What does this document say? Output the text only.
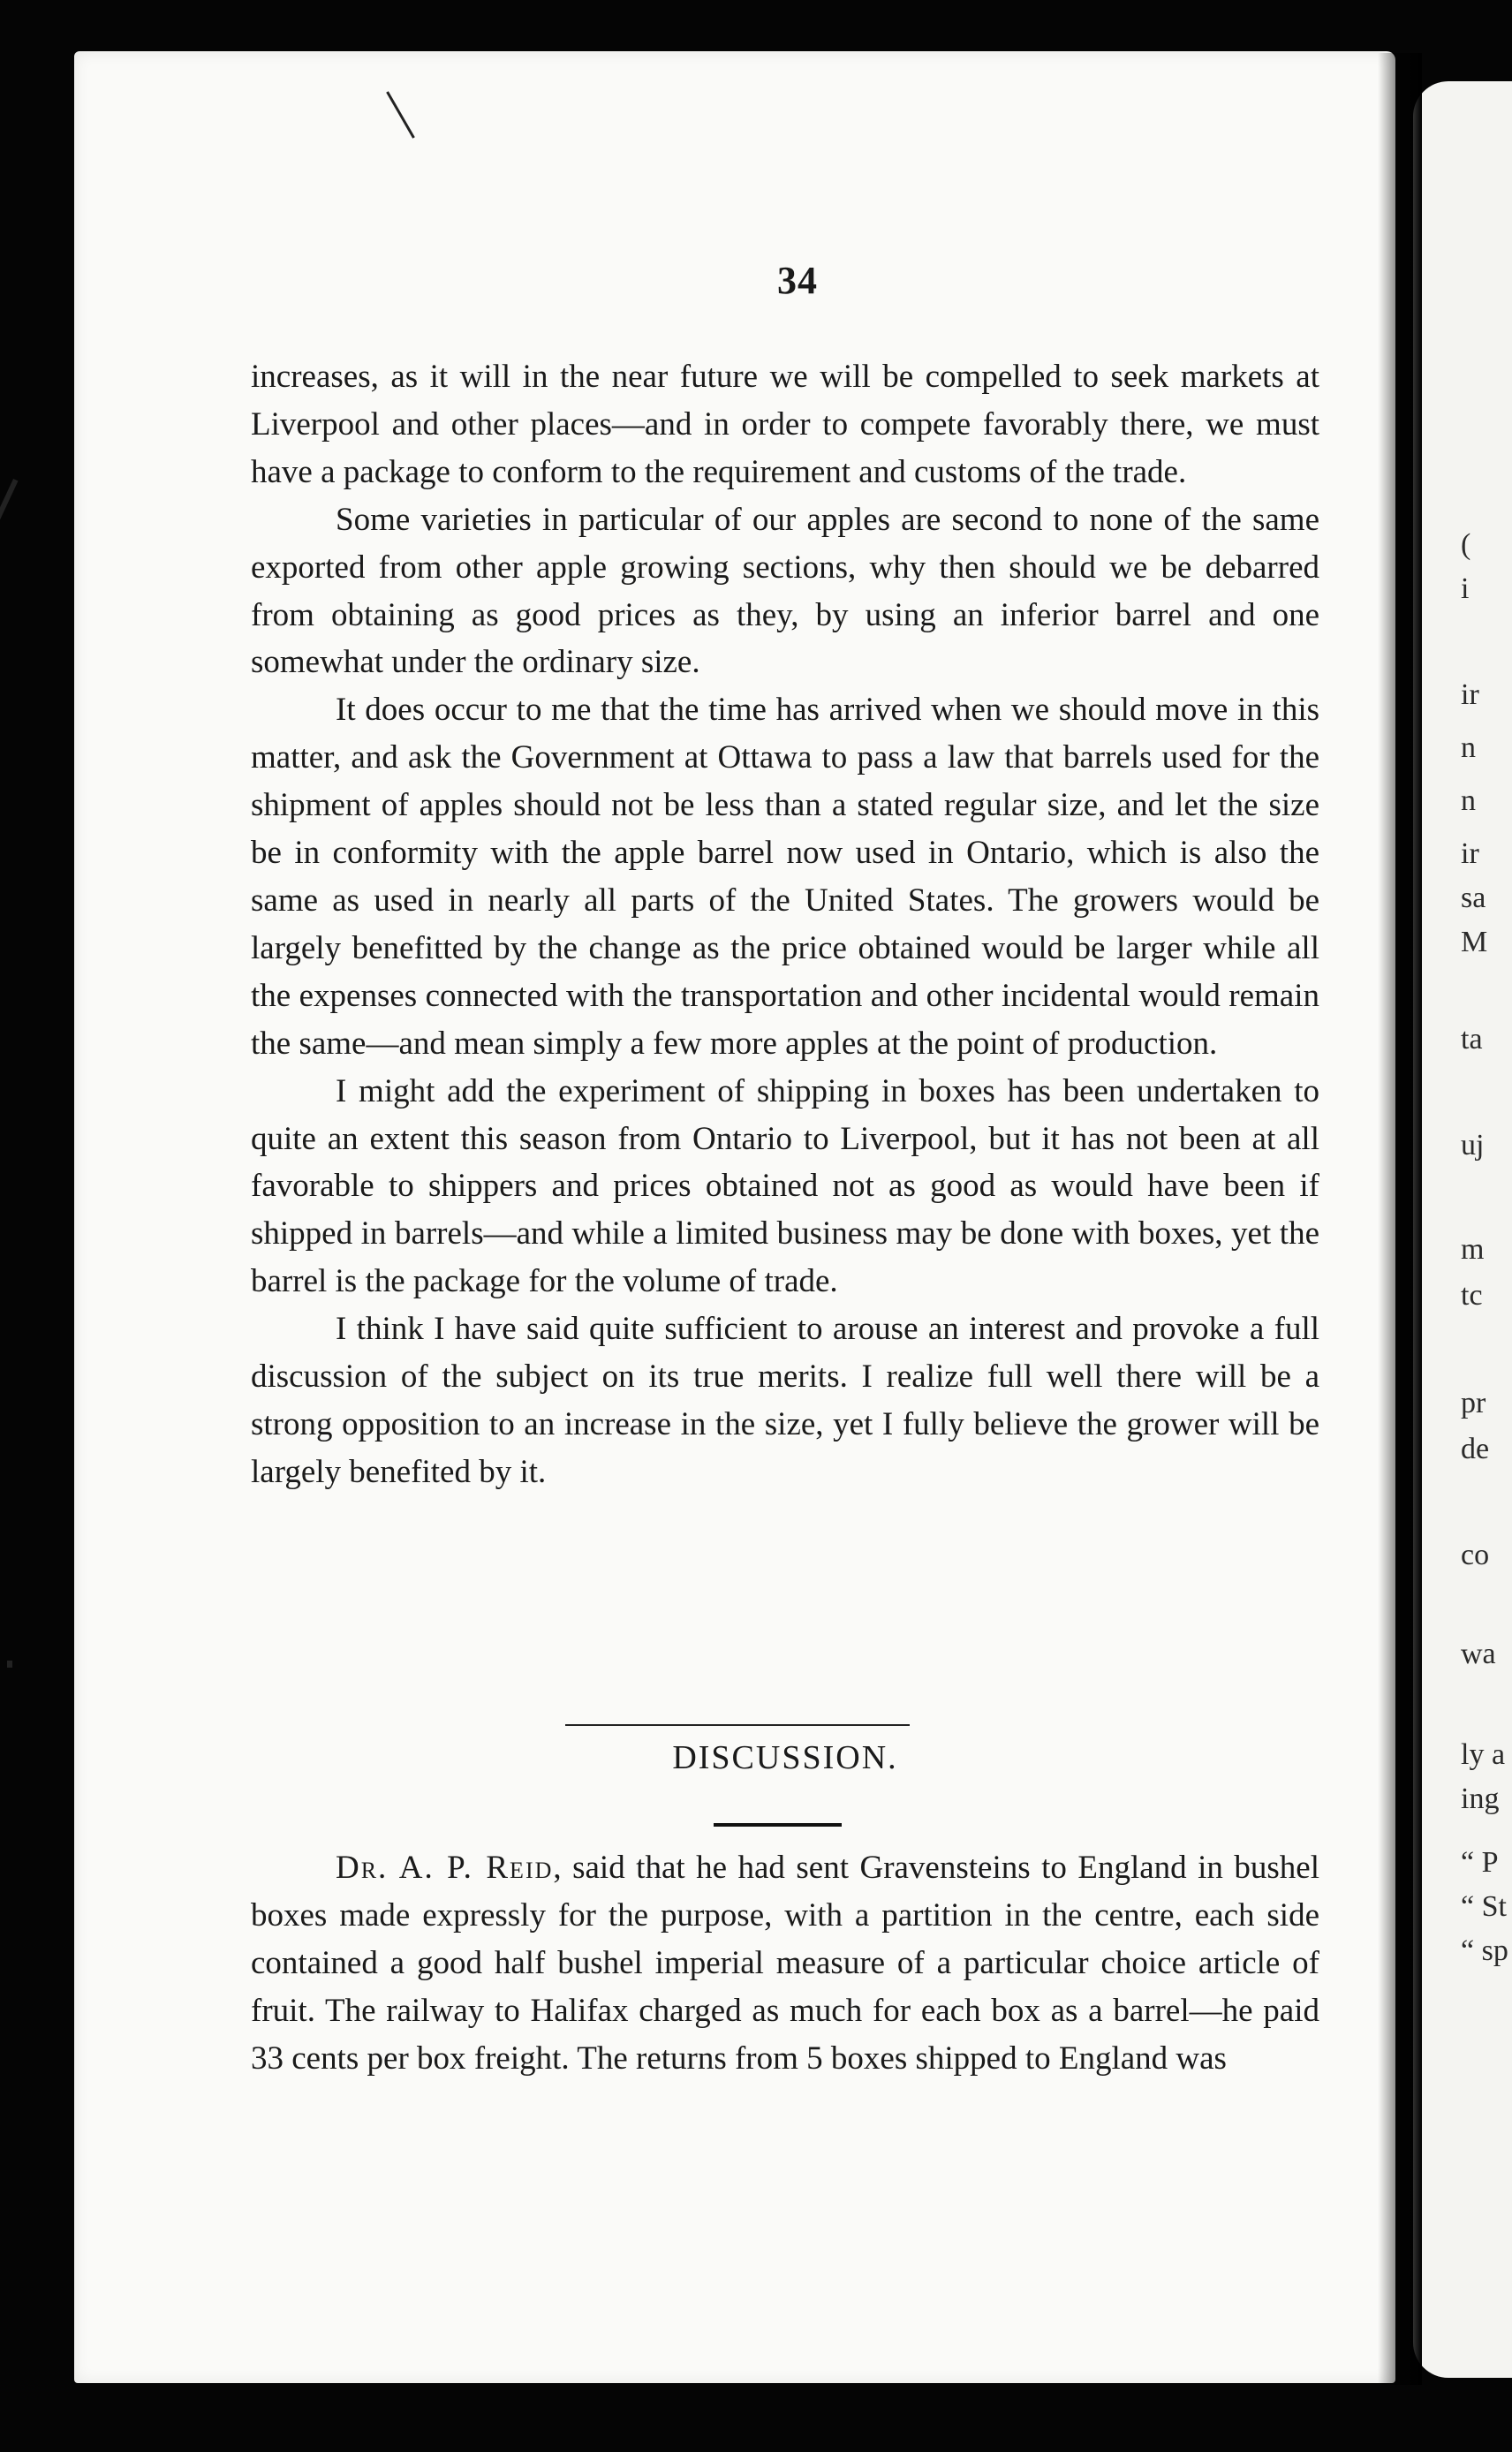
(
i
ir
n
n
ir
sa
M
ta
uj
m
tc
pr
de
co
wa
ly a
ing
“ P
“ St
“ sp
34

increases, as it will in the near future we will be compelled to seek markets at Liverpool and other places—and in order to compete favorably there, we must have a package to conform to the requirement and customs of the trade.

Some varieties in particular of our apples are second to none of the same exported from other apple growing sections, why then should we be debarred from obtaining as good prices as they, by using an inferior barrel and one somewhat under the ordinary size.

It does occur to me that the time has arrived when we should move in this matter, and ask the Government at Ottawa to pass a law that barrels used for the shipment of apples should not be less than a stated regular size, and let the size be in conformity with the apple barrel now used in Ontario, which is also the same as used in nearly all parts of the United States. The growers would be largely benefitted by the change as the price obtained would be larger while all the expenses connected with the transportation and other incidental would remain the same—and mean simply a few more apples at the point of production.

I might add the experiment of shipping in boxes has been undertaken to quite an extent this season from Ontario to Liverpool, but it has not been at all favorable to shippers and prices obtained not as good as would have been if shipped in barrels—and while a limited business may be done with boxes, yet the barrel is the package for the volume of trade.

I think I have said quite sufficient to arouse an interest and provoke a full discussion of the subject on its true merits. I realize full well there will be a strong opposition to an increase in the size, yet I fully believe the grower will be largely benefited by it.

DISCUSSION.

Dr. A. P. Reid, said that he had sent Gravensteins to England in bushel boxes made expressly for the purpose, with a partition in the centre, each side contained a good half bushel imperial measure of a particular choice article of fruit. The railway to Halifax charged as much for each box as a barrel—he paid 33 cents per box freight. The returns from 5 boxes shipped to England was
